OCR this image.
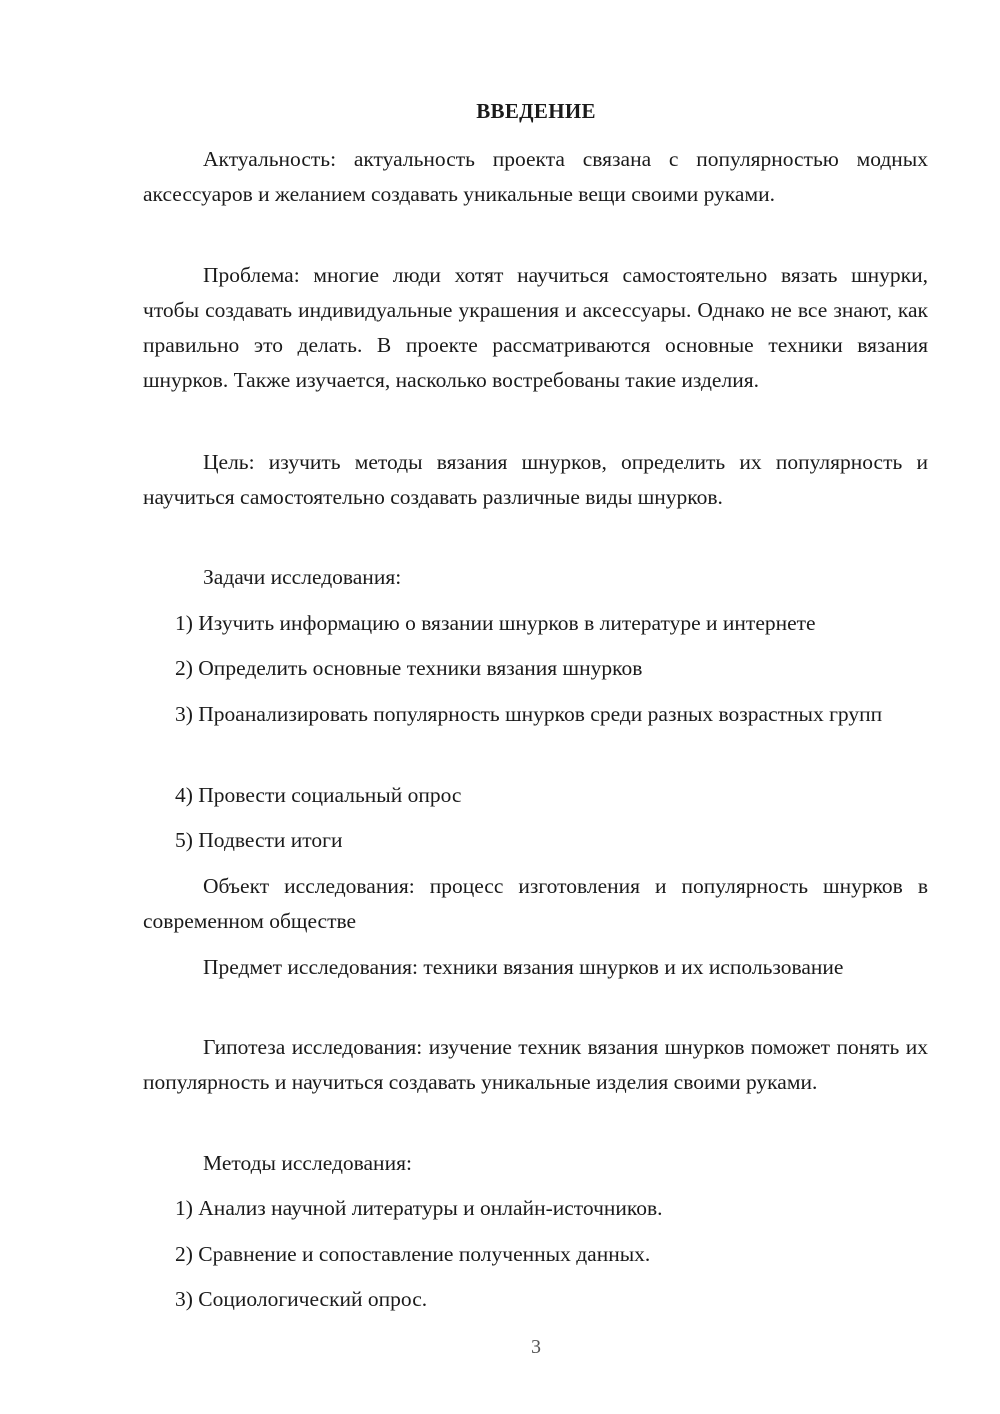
ВВЕДЕНИЕ

Актуальность: актуальность проекта связана с популярностью модных аксессуаров и желанием создавать уникальные вещи своими руками.

Проблема: многие люди хотят научиться самостоятельно вязать шнурки, чтобы создавать индивидуальные украшения и аксессуары. Однако не все знают, как правильно это делать. В проекте рассматриваются основные техники вязания шнурков. Также изучается, насколько востребованы такие изделия.

Цель: изучить методы вязания шнурков, определить их популярность и научиться самостоятельно создавать различные виды шнурков.

Задачи исследования:

1) Изучить информацию о вязании шнурков в литературе и интернете

2) Определить основные техники вязания шнурков

3) Проанализировать популярность шнурков среди разных возрастных групп

4) Провести социальный опрос

5) Подвести итоги

Объект исследования: процесс изготовления и популярность шнурков в современном обществе

Предмет исследования: техники вязания шнурков и их использование

Гипотеза исследования: изучение техник вязания шнурков поможет понять их популярность и научиться создавать уникальные изделия своими руками.

Методы исследования:

1) Анализ научной литературы и онлайн-источников.

2) Сравнение и сопоставление полученных данных.

3) Социологический опрос.

3
